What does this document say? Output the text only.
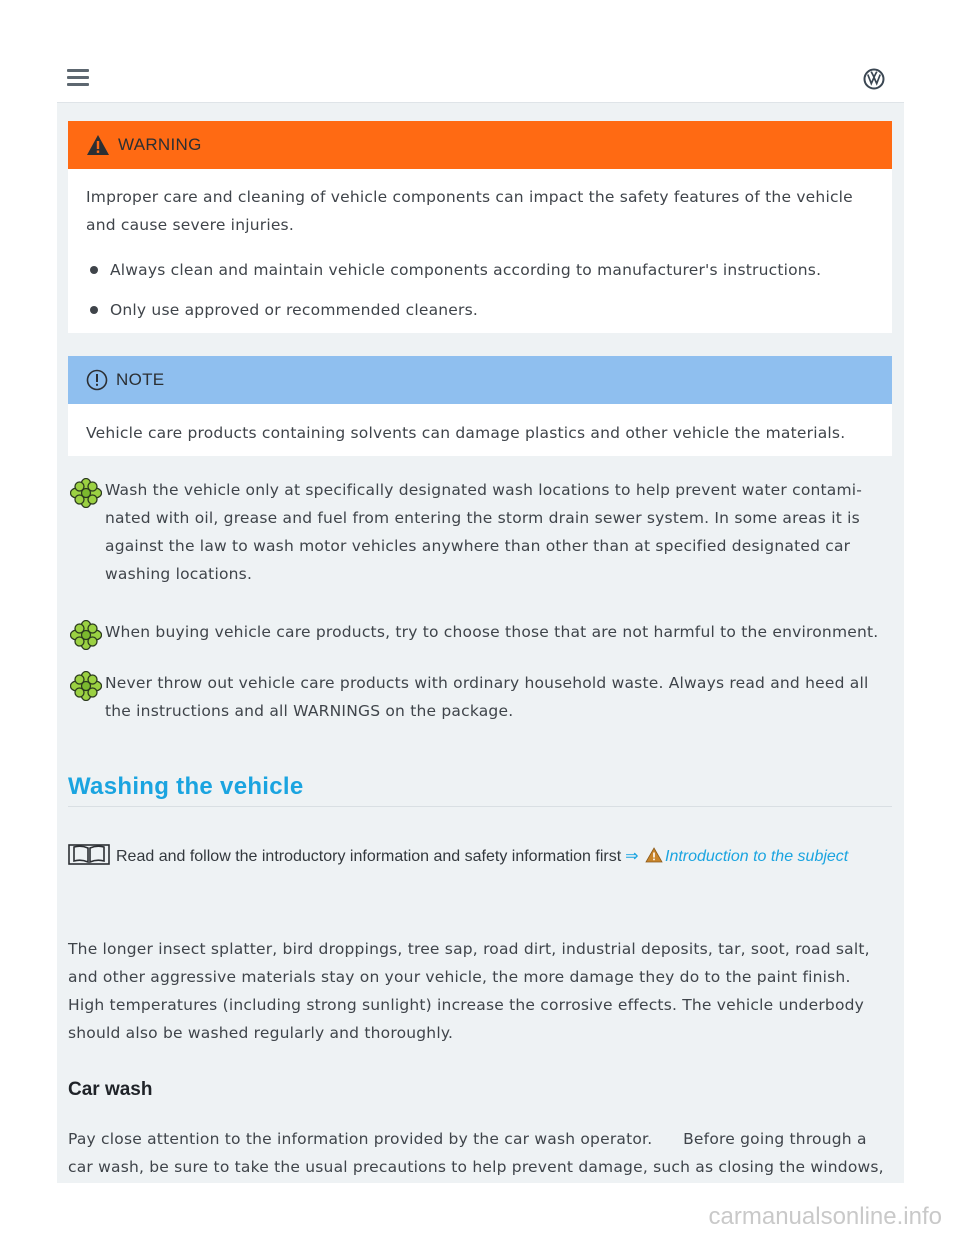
WARNING
Improper care and cleaning of vehicle components can impact the safety features of the vehicle and cause severe injuries.
Always clean and maintain vehicle components according to manufacturer's instructions.
Only use approved or recommended cleaners.
NOTE
Vehicle care products containing solvents can damage plastics and other vehicle the materials.
Wash the vehicle only at specifically designated wash locations to help prevent water contami-nated with oil, grease and fuel from entering the storm drain sewer system. In some areas it is against the law to wash motor vehicles anywhere than other than at specified designated car washing locations.
When buying vehicle care products, try to choose those that are not harmful to the environment.
Never throw out vehicle care products with ordinary household waste. Always read and heed all the instructions and all WARNINGS on the package.
Washing the vehicle
Read and follow the introductory information and safety information first ⇒ Introduction to the subject
The longer insect splatter, bird droppings, tree sap, road dirt, industrial deposits, tar, soot, road salt, and other aggressive materials stay on your vehicle, the more damage they do to the paint finish. High temperatures (including strong sunlight) increase the corrosive effects. The vehicle underbody should also be washed regularly and thoroughly.
Car wash
Pay close attention to the information provided by the car wash operator.      Before going through a car wash, be sure to take the usual precautions to help prevent damage, such as closing the windows,
carmanualsonline.info
